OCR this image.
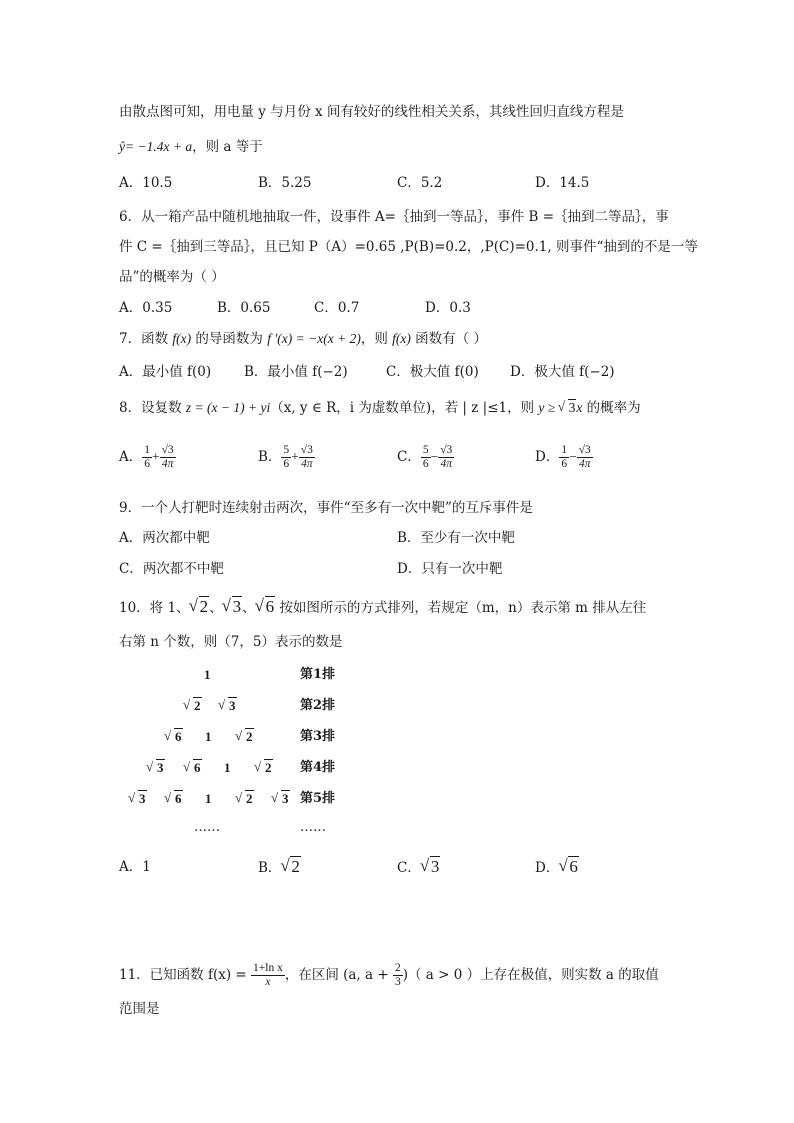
由散点图可知，用电量 y 与月份 x 间有较好的线性相关关系，其线性回归直线方程是
ŷ= −1.4x + a，则 a 等于
A．10.5	B．5.25	C．5.2	D．14.5
6．从一箱产品中随机地抽取一件，设事件 A=｛抽到一等品｝，事件 B =｛抽到二等品｝，事
件 C =｛抽到三等品｝，且已知 P（A）=0.65 ,P(B)=0.2，,P(C)=0.1, 则事件“抽到的不是一等
品”的概率为（ ）
A．0.35	B．0.65	C．0.7	D．0.3
7．函数 f(x) 的导函数为 f ′(x) = −x(x + 2)，则 f(x) 函数有（ ）
A．最小值 f(0) B．最小值 f(−2)	C．极大值 f(0) D．极大值 f(−2)
8．设复数 z = (x − 1) + yi（x, y ∈ R，i 为虚数单位)，若 | z |≤1，则 y ≥ √ 3x 的概率为
A． $\frac{1}{6} + \frac{√3}{4\pi}$	B． $\frac{5}{6} + \frac{√3}{4\pi}$	C． $\frac{5}{6} - \frac{√3}{4\pi}$	D． $\frac{1}{6} - \frac{√3}{4\pi}$
9．一个人打靶时连续射击两次，事件“至多有一次中靶”的互斥事件是
A．两次都中靶	B．至少有一次中靶
C．两次都不中靶	D．只有一次中靶
10．将 1、 √ 2、 √ 3、 √ 6 按如图所示的方式排列，若规定（m，n）表示第 m 排从左往
右第 n 个数，则（7，5）表示的数是
1	第1排
√ 2	√ 3	第2排
√ 6 1	√ 2	第3排
√ 3	√ 6 1	√ 2 第4排
√ 3	√ 6 1	√ 2	√ 3 第5排
……	……
A．1	B． √ 2	C． √ 3	D． √ 6
11．已知函数 $f(x) = \frac{\text{1+ln x}}{x}$ ，在区间 (a, $a + \frac{2}{3}$ )（ a > 0 ）上存在极值，则实数 a 的取值
范围是
